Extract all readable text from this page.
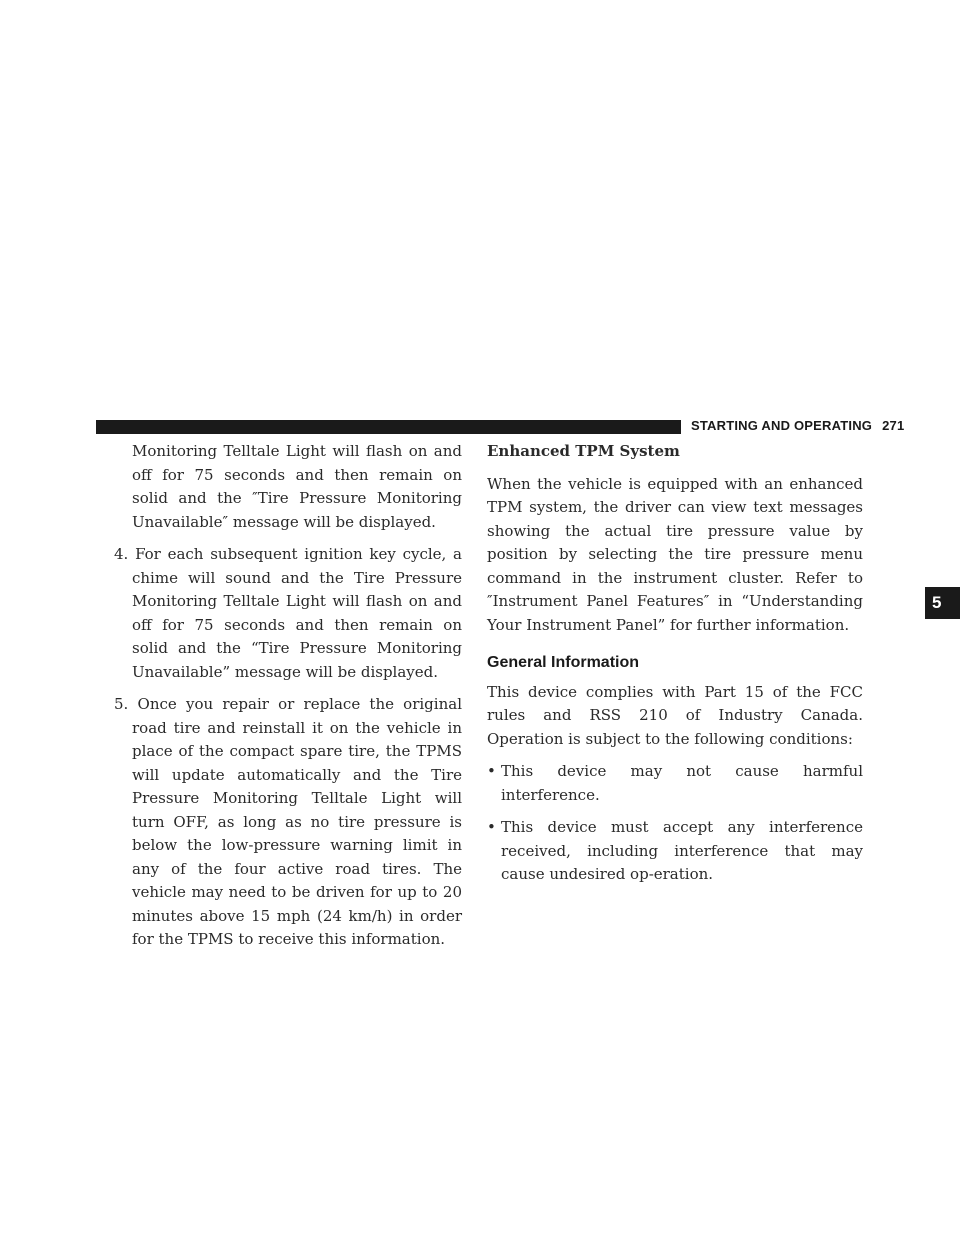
STARTING AND OPERATING 271
5

Monitoring Telltale Light will flash on and off for 75 seconds and then remain on solid and the ″Tire Pressure Monitoring Unavailable″ message will be displayed.

4. For each subsequent ignition key cycle, a chime will sound and the Tire Pressure Monitoring Telltale Light will flash on and off for 75 seconds and then remain on solid and the “Tire Pressure Monitoring Unavailable” message will be displayed.

5. Once you repair or replace the original road tire and reinstall it on the vehicle in place of the compact spare tire, the TPMS will update automatically and the Tire Pressure Monitoring Telltale Light will turn OFF, as long as no tire pressure is below the low-pressure warning limit in any of the four active road tires. The vehicle may need to be driven for up to 20 minutes above 15 mph (24 km/h) in order for the TPMS to receive this information.

Enhanced TPM System

When the vehicle is equipped with an enhanced TPM system, the driver can view text messages showing the actual tire pressure value by position by selecting the tire pressure menu command in the instrument cluster. Refer to ″Instrument Panel Features″ in “Understanding Your Instrument Panel” for further information.

General Information

This device complies with Part 15 of the FCC rules and RSS 210 of Industry Canada. Operation is subject to the following conditions:

• This device may not cause harmful interference.
• This device must accept any interference received, including interference that may cause undesired op-eration.
